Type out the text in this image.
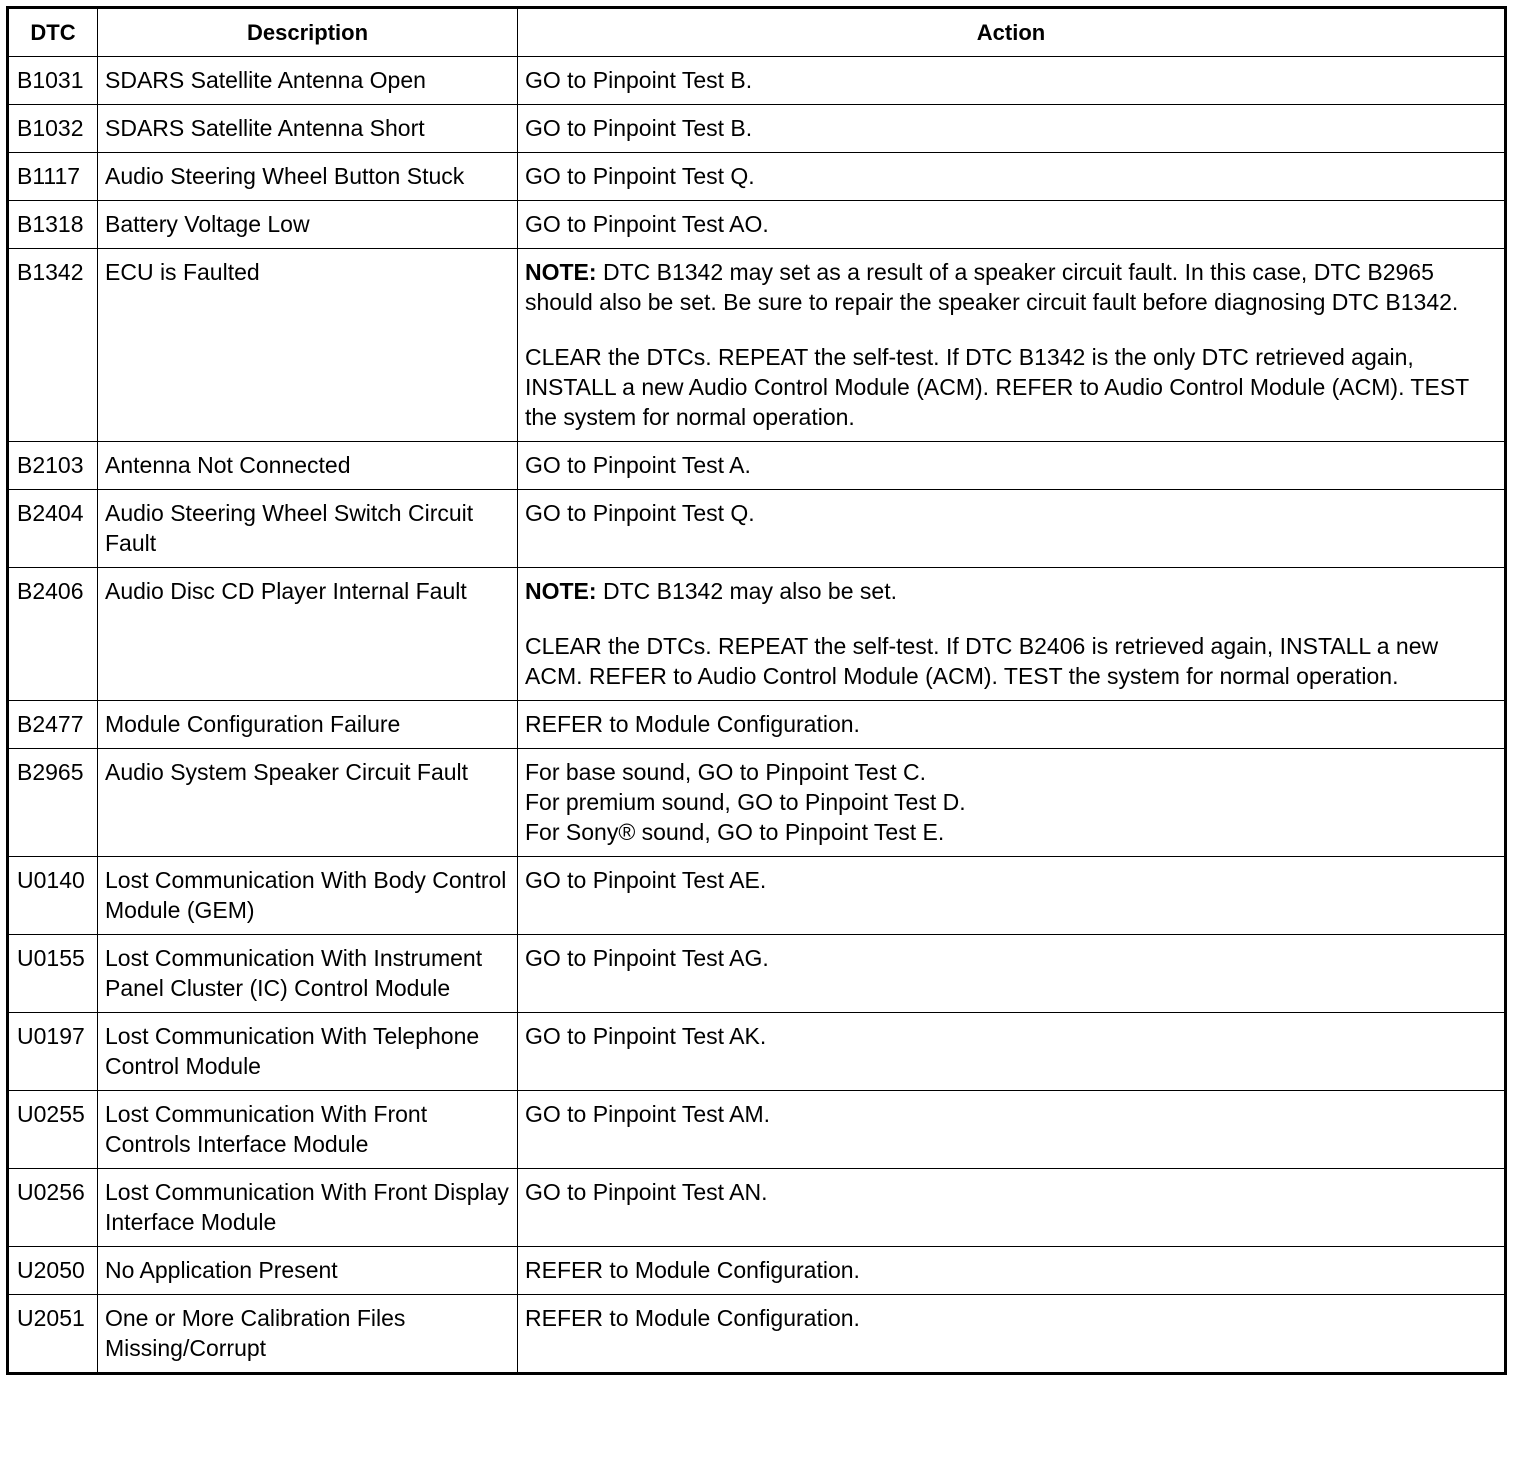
DTC	Description	Action
B1031	SDARS Satellite Antenna Open	GO to Pinpoint Test B.
B1032	SDARS Satellite Antenna Short	GO to Pinpoint Test B.
B1117	Audio Steering Wheel Button Stuck	GO to Pinpoint Test Q.
B1318	Battery Voltage Low	GO to Pinpoint Test AO.
B1342	ECU is Faulted	NOTE: DTC B1342 may set as a result of a speaker circuit fault. In this case, DTC B2965 should also be set. Be sure to repair the speaker circuit fault before diagnosing DTC B1342.
CLEAR the DTCs. REPEAT the self-test. If DTC B1342 is the only DTC retrieved again, INSTALL a new Audio Control Module (ACM). REFER to Audio Control Module (ACM). TEST the system for normal operation.

B2103	Antenna Not Connected	GO to Pinpoint Test A.
B2404	Audio Steering Wheel Switch Circuit Fault	GO to Pinpoint Test Q.
B2406	Audio Disc CD Player Internal Fault	NOTE: DTC B1342 may also be set.
CLEAR the DTCs. REPEAT the self-test. If DTC B2406 is retrieved again, INSTALL a new ACM. REFER to Audio Control Module (ACM). TEST the system for normal operation.

B2477	Module Configuration Failure	REFER to Module Configuration.
B2965	Audio System Speaker Circuit Fault	For base sound, GO to Pinpoint Test C.
For premium sound, GO to Pinpoint Test D.
For Sony® sound, GO to Pinpoint Test E.

U0140	Lost Communication With Body Control Module (GEM)	GO to Pinpoint Test AE.
U0155	Lost Communication With Instrument Panel Cluster (IC) Control Module	GO to Pinpoint Test AG.
U0197	Lost Communication With Telephone Control Module	GO to Pinpoint Test AK.
U0255	Lost Communication With Front Controls Interface Module	GO to Pinpoint Test AM.
U0256	Lost Communication With Front Display Interface Module	GO to Pinpoint Test AN.
U2050	No Application Present	REFER to Module Configuration.
U2051	One or More Calibration Files Missing/Corrupt	REFER to Module Configuration.
